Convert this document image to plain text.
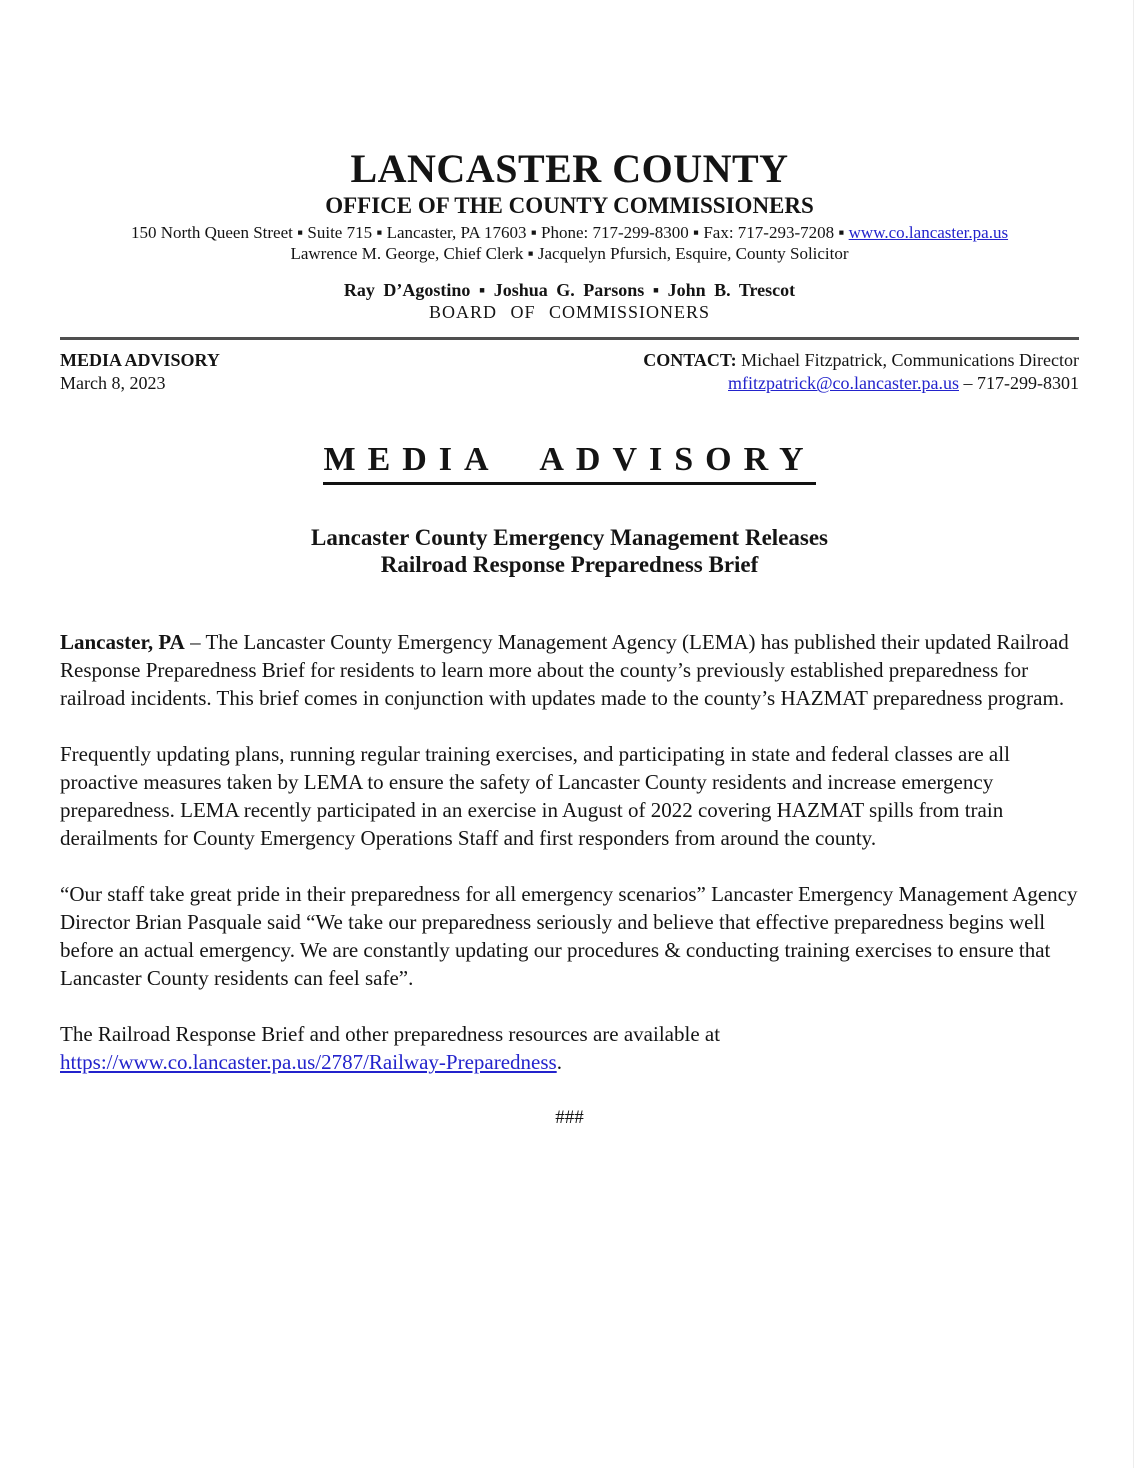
LANCASTER COUNTY
OFFICE OF THE COUNTY COMMISSIONERS
150 North Queen Street ▪ Suite 715 ▪ Lancaster, PA 17603 ▪ Phone: 717-299-8300 ▪ Fax: 717-293-7208 ▪ www.co.lancaster.pa.us
Lawrence M. George, Chief Clerk ▪ Jacquelyn Pfursich, Esquire, County Solicitor
Ray D’Agostino ▪ Joshua G. Parsons ▪ John B. Trescot
BOARD OF COMMISSIONERS
MEDIA ADVISORY
March 8, 2023
CONTACT: Michael Fitzpatrick, Communications Director
mfitzpatrick@co.lancaster.pa.us – 717-299-8301
MEDIA ADVISORY
Lancaster County Emergency Management Releases
Railroad Response Preparedness Brief

Lancaster, PA – The Lancaster County Emergency Management Agency (LEMA) has published their updated Railroad Response Preparedness Brief for residents to learn more about the county’s previously established preparedness for railroad incidents. This brief comes in conjunction with updates made to the county’s HAZMAT preparedness program.

Frequently updating plans, running regular training exercises, and participating in state and federal classes are all proactive measures taken by LEMA to ensure the safety of Lancaster County residents and increase emergency preparedness. LEMA recently participated in an exercise in August of 2022 covering HAZMAT spills from train derailments for County Emergency Operations Staff and first responders from around the county.

“Our staff take great pride in their preparedness for all emergency scenarios” Lancaster Emergency Management Agency Director Brian Pasquale said “We take our preparedness seriously and believe that effective preparedness begins well before an actual emergency. We are constantly updating our procedures & conducting training exercises to ensure that Lancaster County residents can feel safe”.

The Railroad Response Brief and other preparedness resources are available at https://www.co.lancaster.pa.us/2787/Railway-Preparedness.

###
